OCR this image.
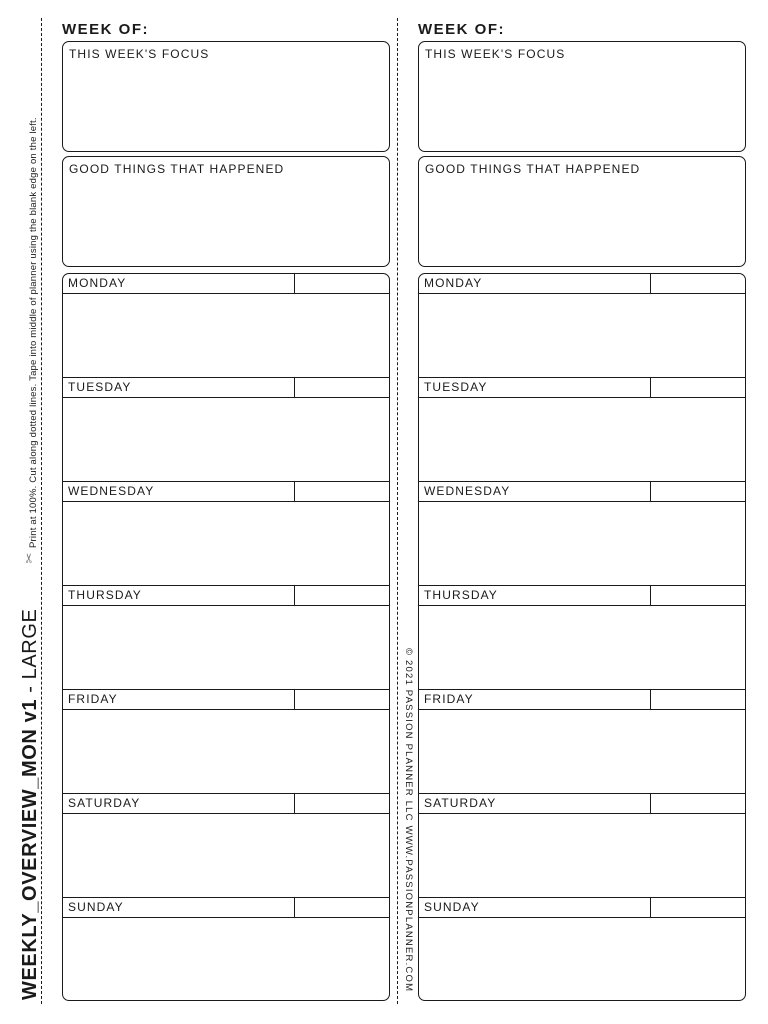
WEEKLY_OVERVIEW_MON v1 - LARGE
✂
Print at 100%. Cut along dotted lines. Tape into middle of planner using the blank edge on the left.
© 2021 PASSION PLANNER LLC WWW.PASSIONPLANNER.COM
WEEK OF:
THIS WEEK'S FOCUS
GOOD THINGS THAT HAPPENED
MONDAY
TUESDAY
WEDNESDAY
THURSDAY
FRIDAY
SATURDAY
SUNDAY
WEEK OF:
THIS WEEK'S FOCUS
GOOD THINGS THAT HAPPENED
MONDAY
TUESDAY
WEDNESDAY
THURSDAY
FRIDAY
SATURDAY
SUNDAY
